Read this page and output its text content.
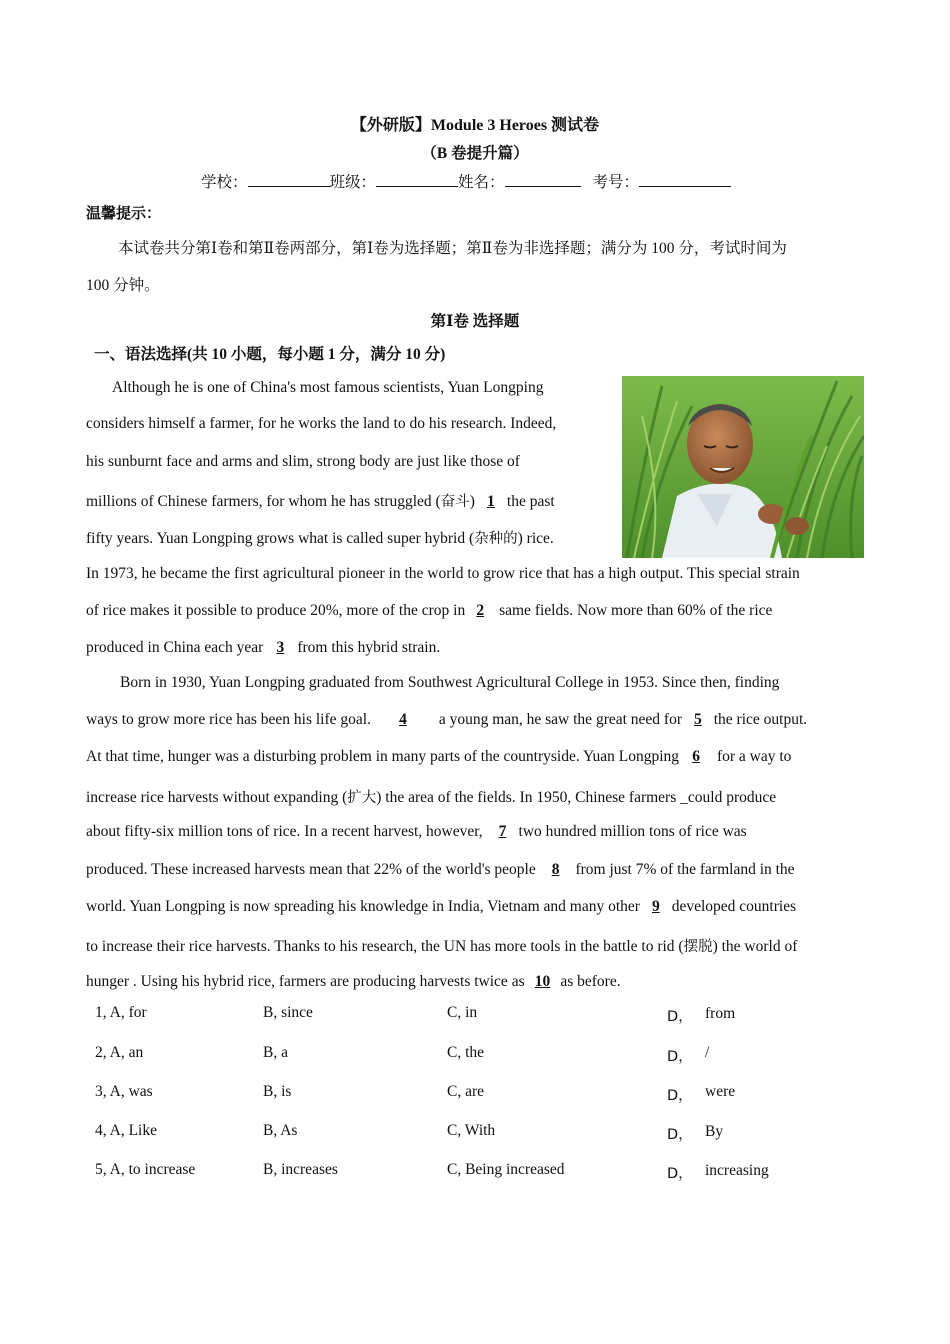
【外研版】Module 3 Heroes 测试卷
（B 卷提升篇）
学校：	班级：	姓名：	考号：
温馨提示：
本试卷共分第Ⅰ卷和第Ⅱ卷两部分，第Ⅰ卷为选择题；第Ⅱ卷为非选择题；满分为 100 分，考试时间为
100 分钟。
第Ⅰ卷 选择题
一、语法选择(共 10 小题，每小题 1 分，满分 10 分)
Although he is one of China's most famous scientists, Yuan Longping
considers himself a farmer, for he works the land to do his research. Indeed,
his sunburnt face and arms and slim, strong body are just like those of
millions of Chinese farmers, for whom he has struggled (奋斗) 1 the past
fifty years. Yuan Longping grows what is called super hybrid (杂种的) rice.
In 1973, he became the first agricultural pioneer in the world to grow rice that has a high output. This special strain
of rice makes it possible to produce 20%, more of the crop in 2 same fields. Now more than 60% of the rice
produced in China each year 3 from this hybrid strain.
Born in 1930, Yuan Longping graduated from Southwest Agricultural College in 1953. Since then, finding
ways to grow more rice has been his life goal. 4 a young man, he saw the great need for 5 the rice output.
At that time, hunger was a disturbing problem in many parts of the countryside. Yuan Longping 6 for a way to
increase rice harvests without expanding (扩大) the area of the fields. In 1950, Chinese farmers _could produce
about fifty-six million tons of rice. In a recent harvest, however, 7 two hundred million tons of rice was
produced. These increased harvests mean that 22% of the world's people 8 from just 7% of the farmland in the
world. Yuan Longping is now spreading his knowledge in India, Vietnam and many other 9 developed countries
to increase their rice harvests. Thanks to his research, the UN has more tools in the battle to rid (摆脱) the world of
hunger . Using his hybrid rice, farmers are producing harvests twice as 10 as before.
1, A, for	B, since	C, in	D， from
2, A, an	B, a	C, the	D， /
3, A, was	B, is	C, are	D， were
4, A, Like	B, As	C, With	D， By
5, A, to increase	B, increases	C, Being increased	D， increasing
